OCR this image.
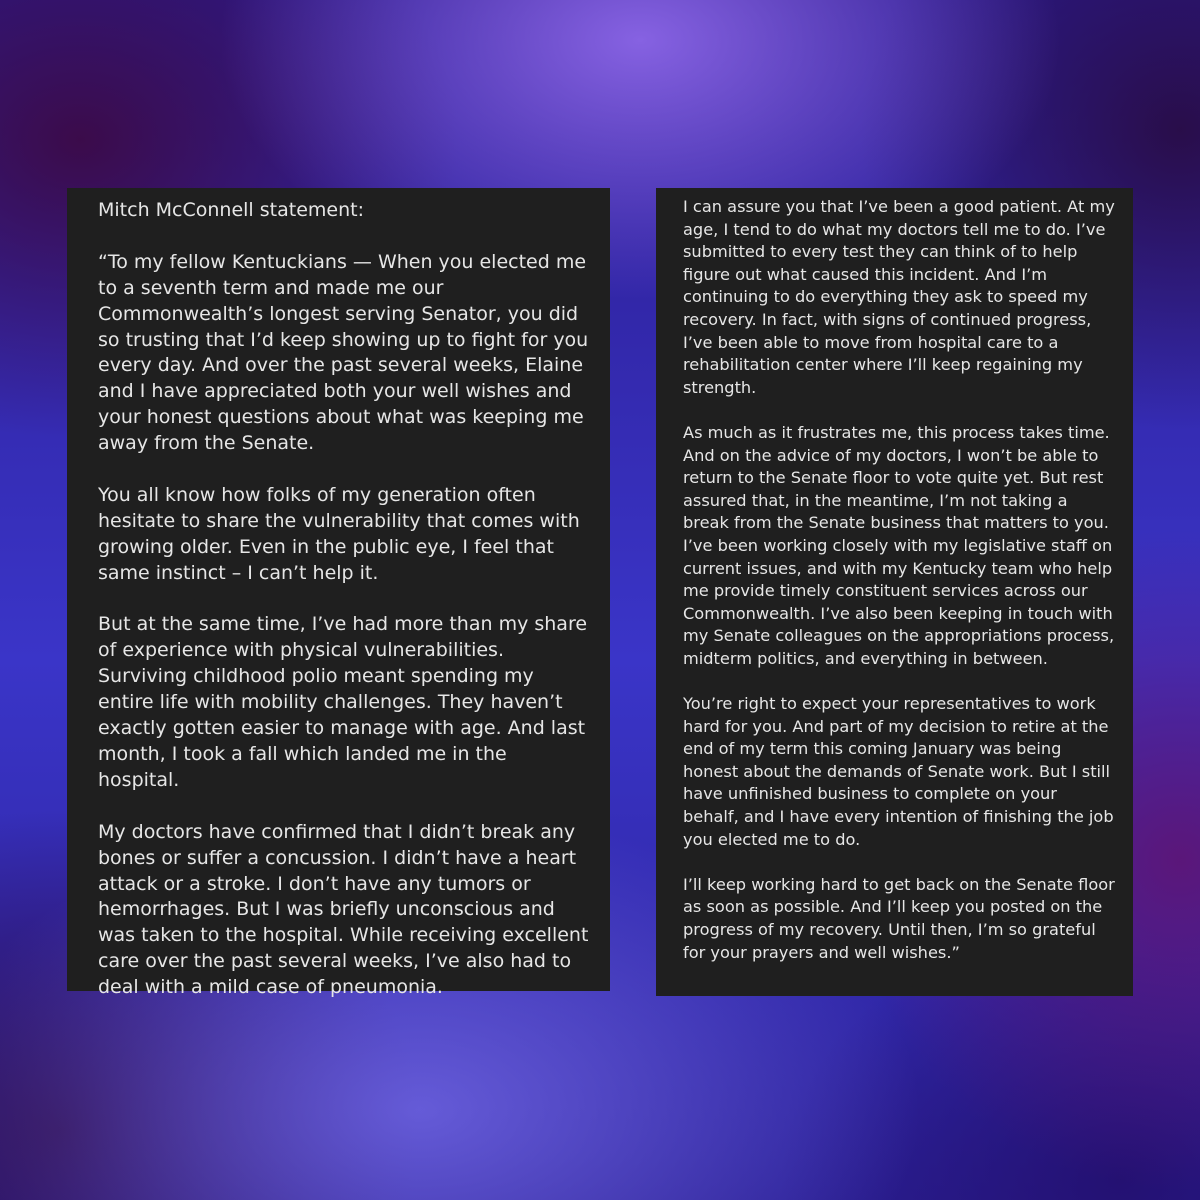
Mitch McConnell statement:

“To my fellow Kentuckians — When you elected me to a seventh term and made me our Commonwealth’s longest serving Senator, you did so trusting that I’d keep showing up to fight for you every day. And over the past several weeks, Elaine and I have appreciated both your well wishes and your honest questions about what was keeping me away from the Senate.

You all know how folks of my generation often hesitate to share the vulnerability that comes with growing older. Even in the public eye, I feel that same instinct – I can’t help it.

But at the same time, I’ve had more than my share of experience with physical vulnerabilities. Surviving childhood polio meant spending my entire life with mobility challenges. They haven’t exactly gotten easier to manage with age. And last month, I took a fall which landed me in the hospital.

My doctors have confirmed that I didn’t break any bones or suffer a concussion. I didn’t have a heart attack or a stroke. I don’t have any tumors or hemorrhages. But I was briefly unconscious and was taken to the hospital. While receiving excellent care over the past several weeks, I’ve also had to deal with a mild case of pneumonia.

I can assure you that I’ve been a good patient. At my age, I tend to do what my doctors tell me to do. I’ve submitted to every test they can think of to help figure out what caused this incident. And I’m continuing to do everything they ask to speed my recovery. In fact, with signs of continued progress, I’ve been able to move from hospital care to a rehabilitation center where I’ll keep regaining my strength.

As much as it frustrates me, this process takes time. And on the advice of my doctors, I won’t be able to return to the Senate floor to vote quite yet. But rest assured that, in the meantime, I’m not taking a break from the Senate business that matters to you. I’ve been working closely with my legislative staff on current issues, and with my Kentucky team who help me provide timely constituent services across our Commonwealth. I’ve also been keeping in touch with my Senate colleagues on the appropriations process, midterm politics, and everything in between.

You’re right to expect your representatives to work hard for you. And part of my decision to retire at the end of my term this coming January was being honest about the demands of Senate work. But I still have unfinished business to complete on your behalf, and I have every intention of finishing the job you elected me to do.

I’ll keep working hard to get back on the Senate floor as soon as possible. And I’ll keep you posted on the progress of my recovery. Until then, I’m so grateful for your prayers and well wishes.”
